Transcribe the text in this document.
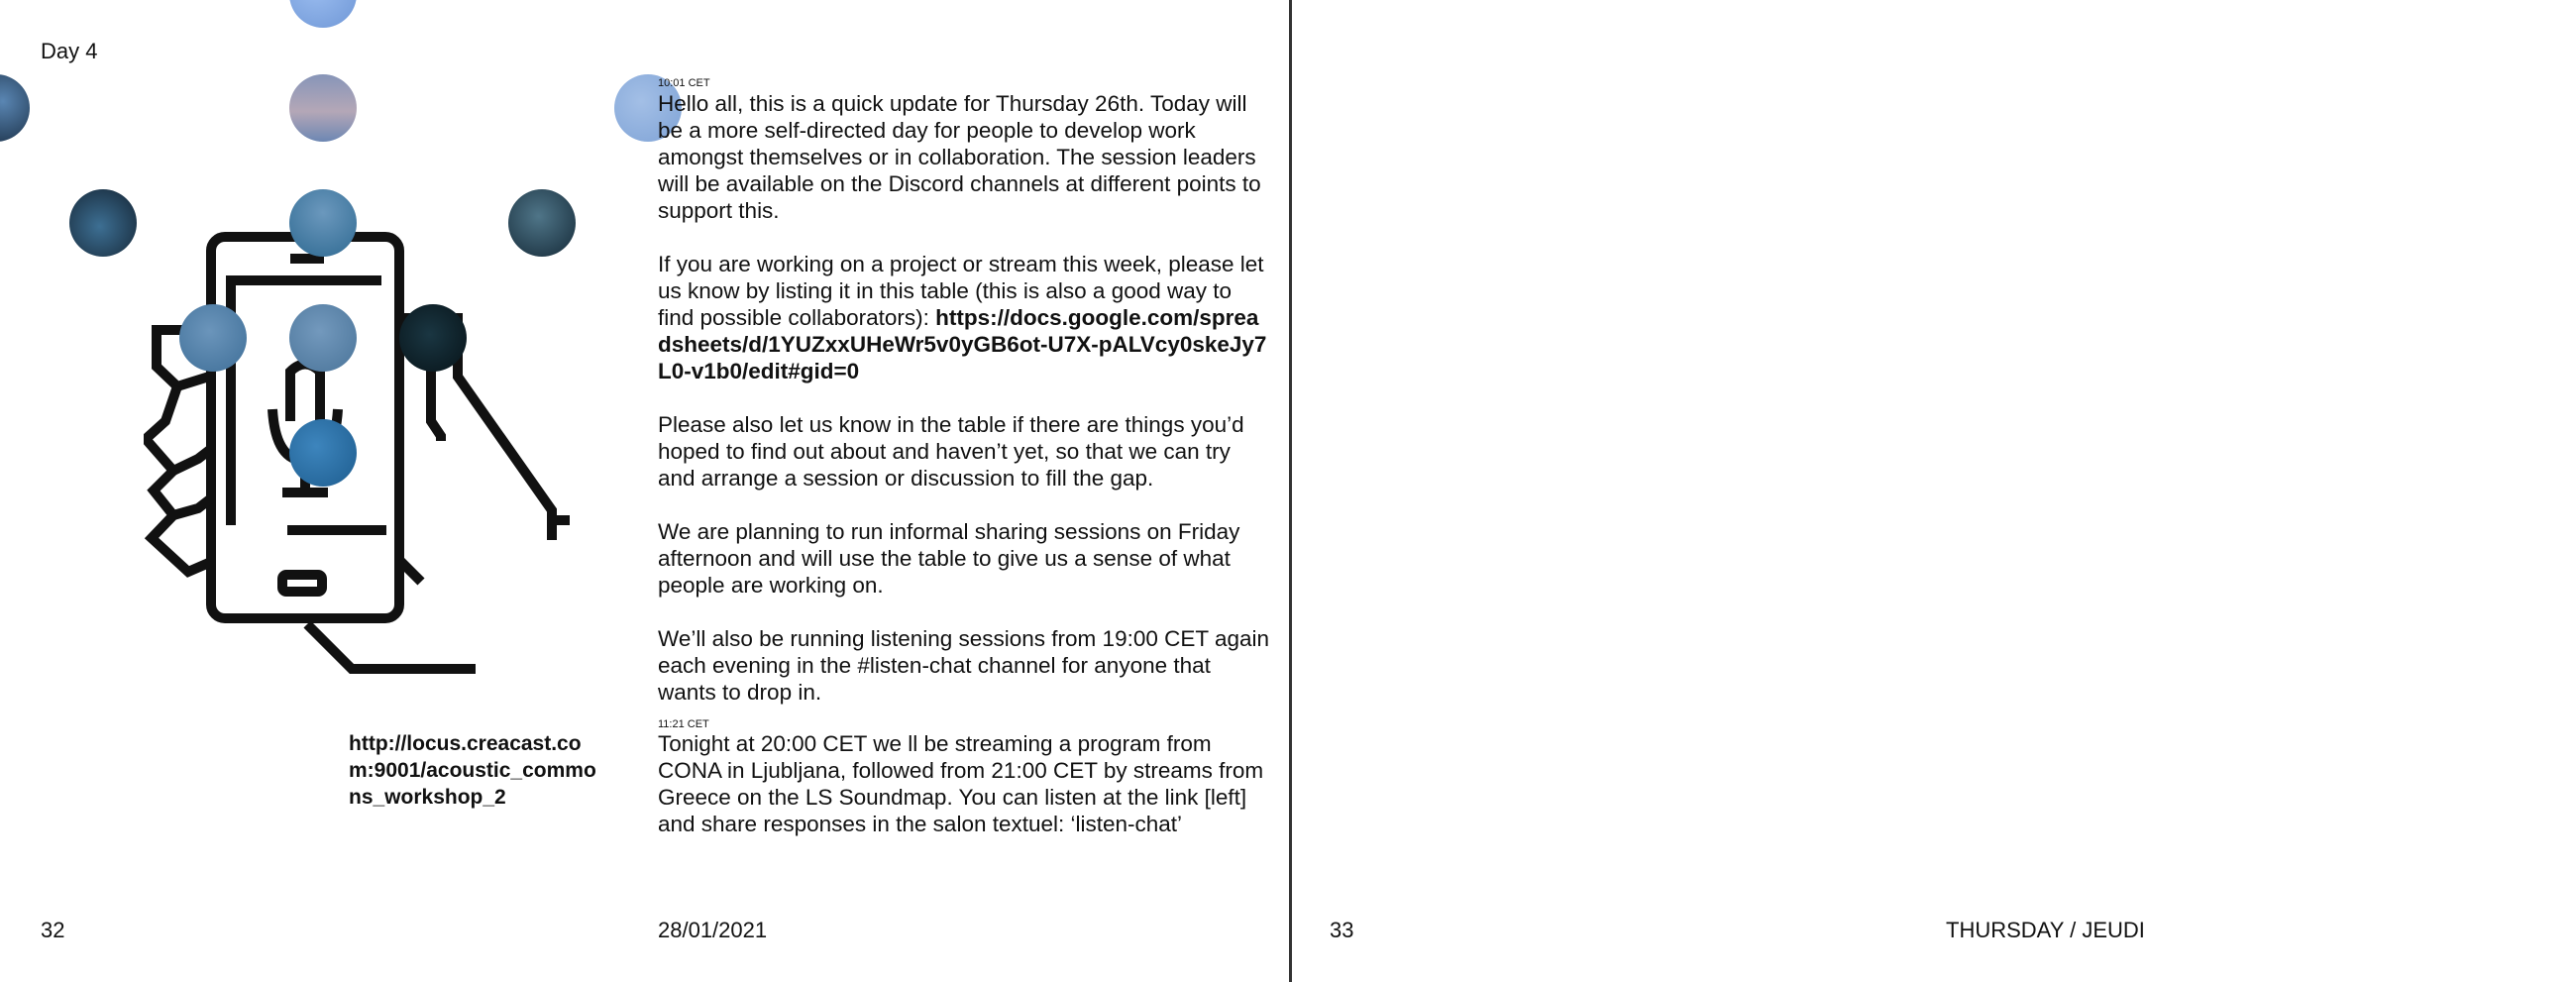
Day 4
10:01 CET

Hello all, this is a quick update for Thursday 26th. Today will be a more self-directed day for people to develop work amongst themselves or in collaboration. The session leaders will be available on the Discord channels at different points to support this.

If you are working on a project or stream this week, please let us know by listing it in this table (this is also a good way to find possible collaborators): https://docs.google.com/spreadsheets/d/1YUZxxUHeWr5v0yGB6ot-U7X-pALVcy0skeJy7L0-v1b0/edit#gid=0

Please also let us know in the table if there are things you’d hoped to find out about and haven’t yet, so that we can try and arrange a session or discussion to fill the gap.

We are planning to run informal sharing sessions on Friday afternoon and will use the table to give us a sense of what people are working on.

We’ll also be running listening sessions from 19:00 CET again each evening in the #listen-chat channel for anyone that wants to drop in.

11:21 CET

Tonight at 20:00 CET we ll be streaming a program from CONA in Ljubljana, followed from 21:00 CET by streams from Greece on the LS Soundmap. You can listen at the link [left] and share responses in the salon textuel: ‘listen-chat’

http://locus.creacast.com:9001/acoustic_commons_workshop_2
32	28/01/2021	33	THURSDAY / JEUDI
